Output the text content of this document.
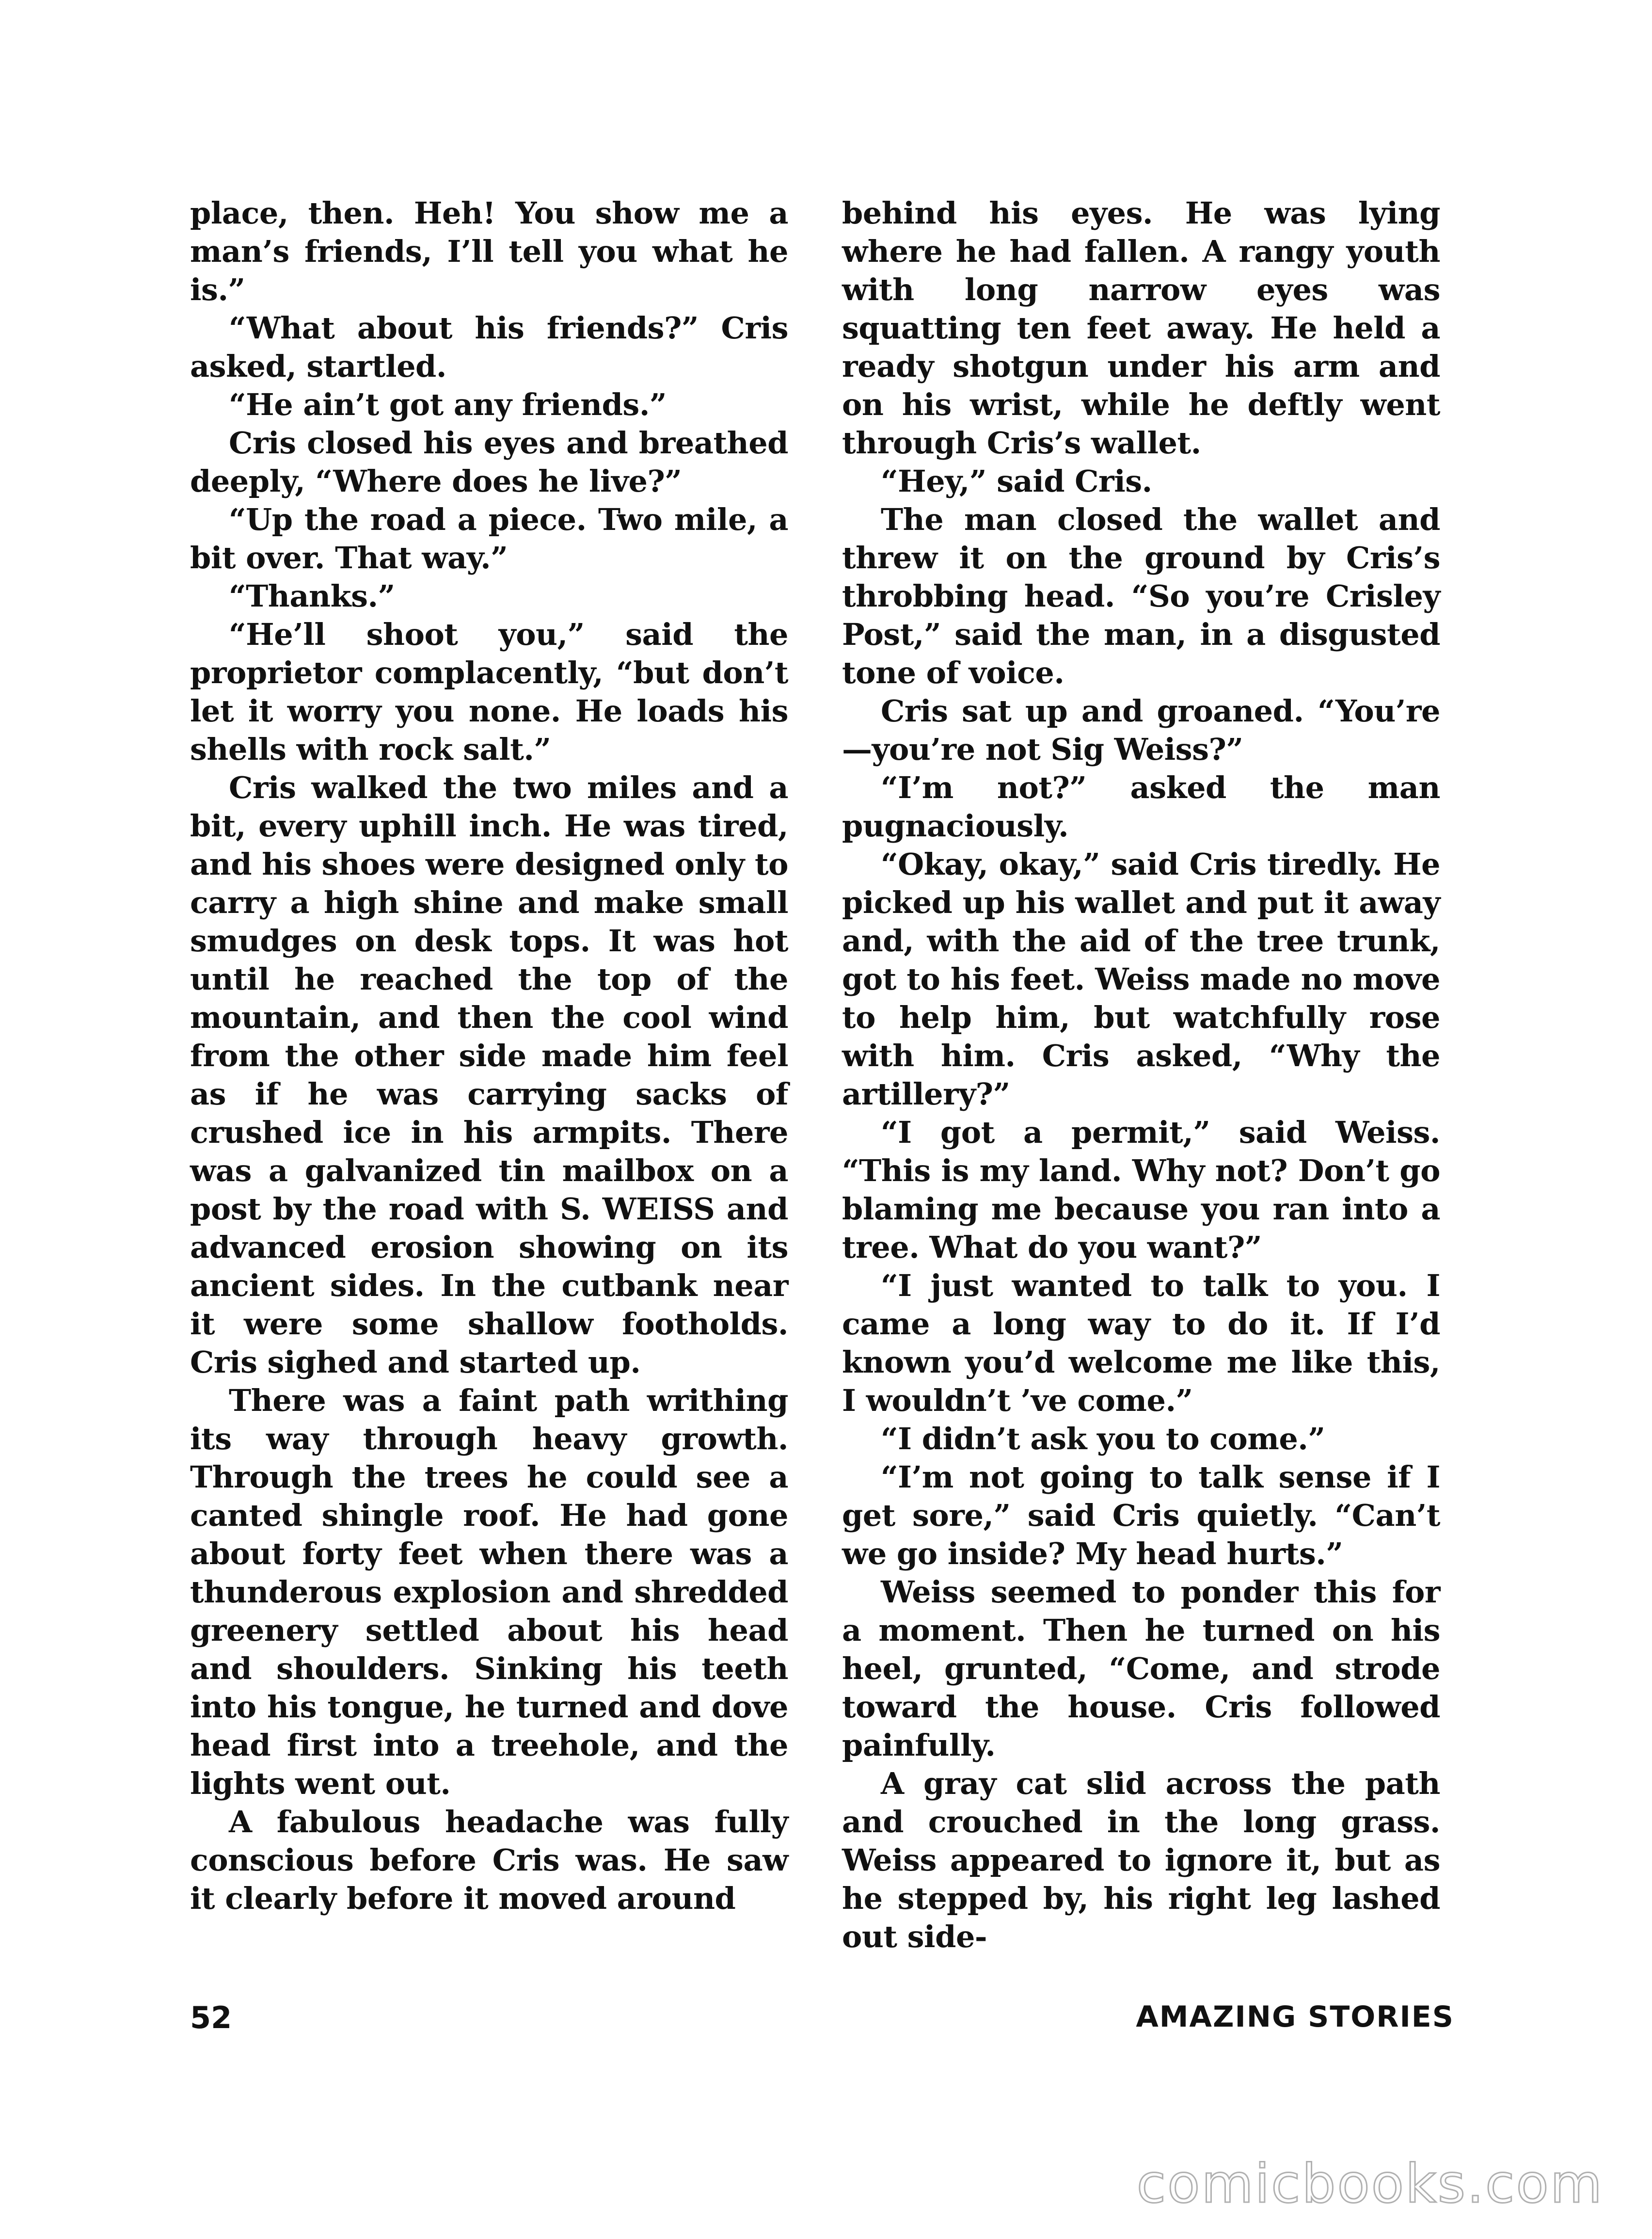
place, then. Heh! You show me a man’s friends, I’ll tell you what he is.”

“What about his friends?” Cris asked, startled.

“He ain’t got any friends.”

Cris closed his eyes and breathed deeply, “Where does he live?”

“Up the road a piece. Two mile, a bit over. That way.”

“Thanks.”

“He’ll shoot you,” said the proprietor complacently, “but don’t let it worry you none. He loads his shells with rock salt.”

Cris walked the two miles and a bit, every uphill inch. He was tired, and his shoes were designed only to carry a high shine and make small smudges on desk tops. It was hot until he reached the top of the mountain, and then the cool wind from the other side made him feel as if he was carrying sacks of crushed ice in his armpits. There was a galvanized tin mailbox on a post by the road with S. WEISS and advanced erosion showing on its ancient sides. In the cutbank near it were some shallow footholds. Cris sighed and started up.

There was a faint path writhing its way through heavy growth. Through the trees he could see a canted shingle roof. He had gone about forty feet when there was a thunderous explosion and shredded greenery settled about his head and shoulders. Sinking his teeth into his tongue, he turned and dove head first into a treehole, and the lights went out.

A fabulous headache was fully conscious before Cris was. He saw it clearly before it moved around

behind his eyes. He was lying where he had fallen. A rangy youth with long narrow eyes was squatting ten feet away. He held a ready shotgun under his arm and on his wrist, while he deftly went through Cris’s wallet.

“Hey,” said Cris.

The man closed the wallet and threw it on the ground by Cris’s throbbing head. “So you’re Crisley Post,” said the man, in a disgusted tone of voice.

Cris sat up and groaned. “You’re—you’re not Sig Weiss?”

“I’m not?” asked the man pugnaciously.

“Okay, okay,” said Cris tiredly. He picked up his wallet and put it away and, with the aid of the tree trunk, got to his feet. Weiss made no move to help him, but watchfully rose with him. Cris asked, “Why the artillery?”

“I got a permit,” said Weiss. “This is my land. Why not? Don’t go blaming me because you ran into a tree. What do you want?”

“I just wanted to talk to you. I came a long way to do it. If I’d known you’d welcome me like this, I wouldn’t ’ve come.”

“I didn’t ask you to come.”

“I’m not going to talk sense if I get sore,” said Cris quietly. “Can’t we go inside? My head hurts.”

Weiss seemed to ponder this for a moment. Then he turned on his heel, grunted, “Come, and strode toward the house. Cris followed painfully.

A gray cat slid across the path and crouched in the long grass. Weiss appeared to ignore it, but as he stepped by, his right leg lashed out side-

52	AMAZING STORIES
comicbooks.com
